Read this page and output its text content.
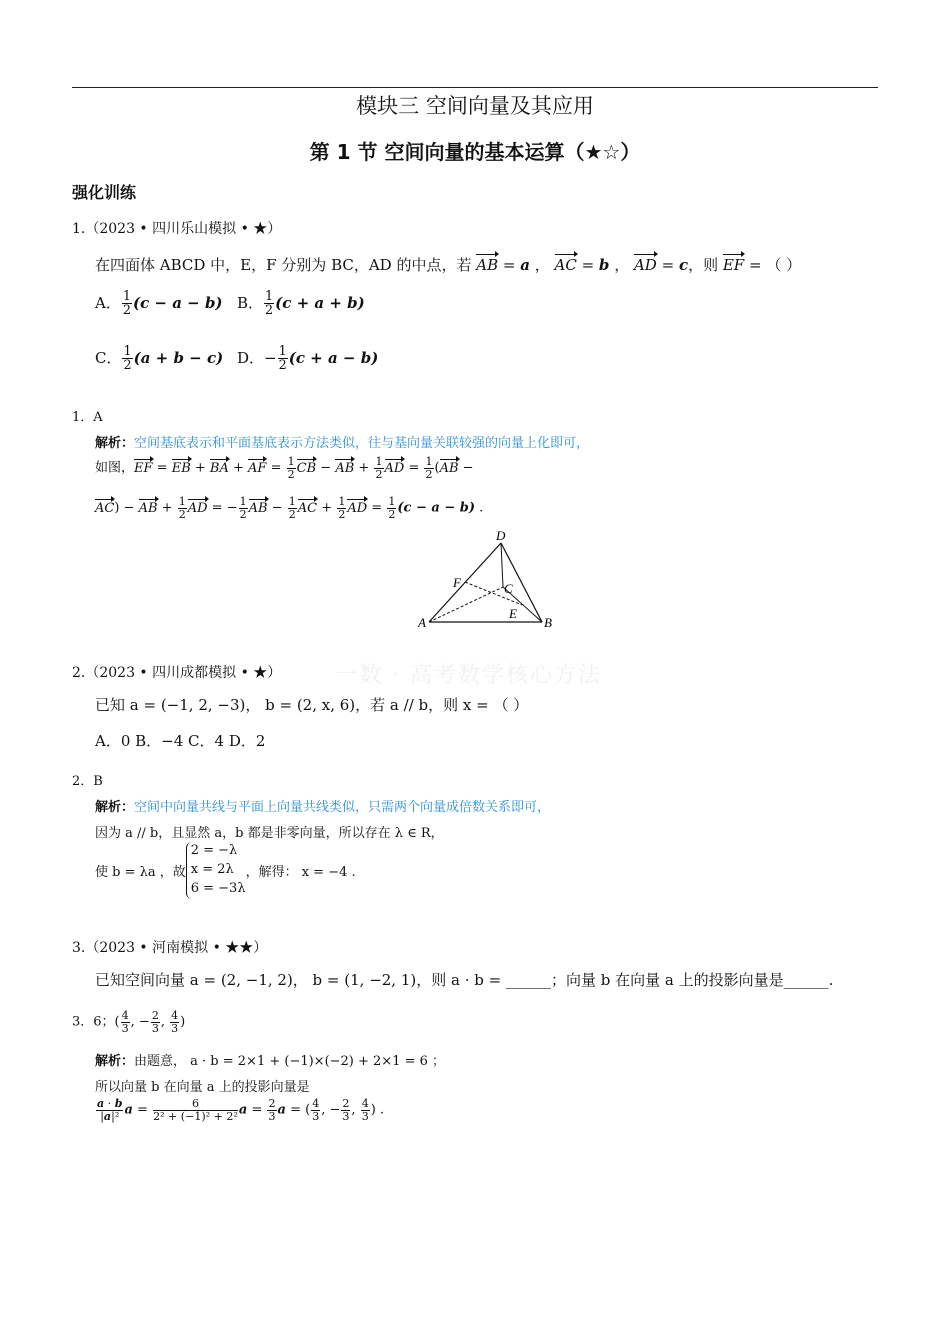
模块三 空间向量及其应用
第 1 节 空间向量的基本运算（★☆）
强化训练
一数 · 高考数学核心方法
1.（2023 • 四川乐山模拟 • ★）
在四面体 ABCD 中，E，F 分别为 BC，AD 的中点，若 AB = a ， AC = b ， AD = c，则 EF = （ ）
A． $\frac{1}{2} (c - a - b)$ B． $\frac{1}{2} (c + a + b)$
C． $\frac{1}{2} (a + b - c)$ D．− $\frac{1}{2} (c + a - b)$
1．A
解析：空间基底表示和平面基底表示方法类似，往与基向量关联较强的向量上化即可，
如图，EF = EB + BA + AF = $\frac{1}{2}$ CB − AB + $\frac{1}{2}$ AD = $\frac{1}{2} (AB$ −
AC) − AB + $\frac{1}{2}$ AD = − $\frac{1}{2}$ AB − $\frac{1}{2}$ AC + $\frac{1}{2}$ AD = $\frac{1}{2} (c - a - b)$ .
D
A	B
C
F
E
2.（2023 • 四川成都模拟 • ★）
已知 a = (−1, 2, −3)， b = (2, x, 6)，若 a // b，则 x = （ ）
A．0 B．−4 C．4 D．2
2．B
解析：空间中向量共线与平面上向量共线类似，只需两个向量成倍数关系即可，
因为 a // b，且显然 a，b 都是非零向量，所以存在 λ ∈ R，
使 b = λa ，故
2 = −λ
x = 2λ
6 = −3λ
，解得： x = −4 .
3.（2023 • 河南模拟 • ★★）
已知空间向量 a = (2, −1, 2)， b = (1, −2, 1)，则 a · b = ______；向量 b 在向量 a 上的投影向量是______.
3．6；( $\frac{4}{3}$ , − $\frac{2}{3}$ , $\frac{4}{3}$ )
解析：由题意， a · b = 2×1 + (−1)×(−2) + 2×1 = 6 ；
所以向量 b 在向量 a 上的投影向量是
$\frac{a \cdot b}{\text{|a|²}}$ $a = \frac{6}{\text{2² + (−1)² + 2²}}$ $a = \frac{2}{3}$ a = ( $\frac{4}{3}$ , − $\frac{2}{3}$ , $\frac{4}{3}$ ) .
